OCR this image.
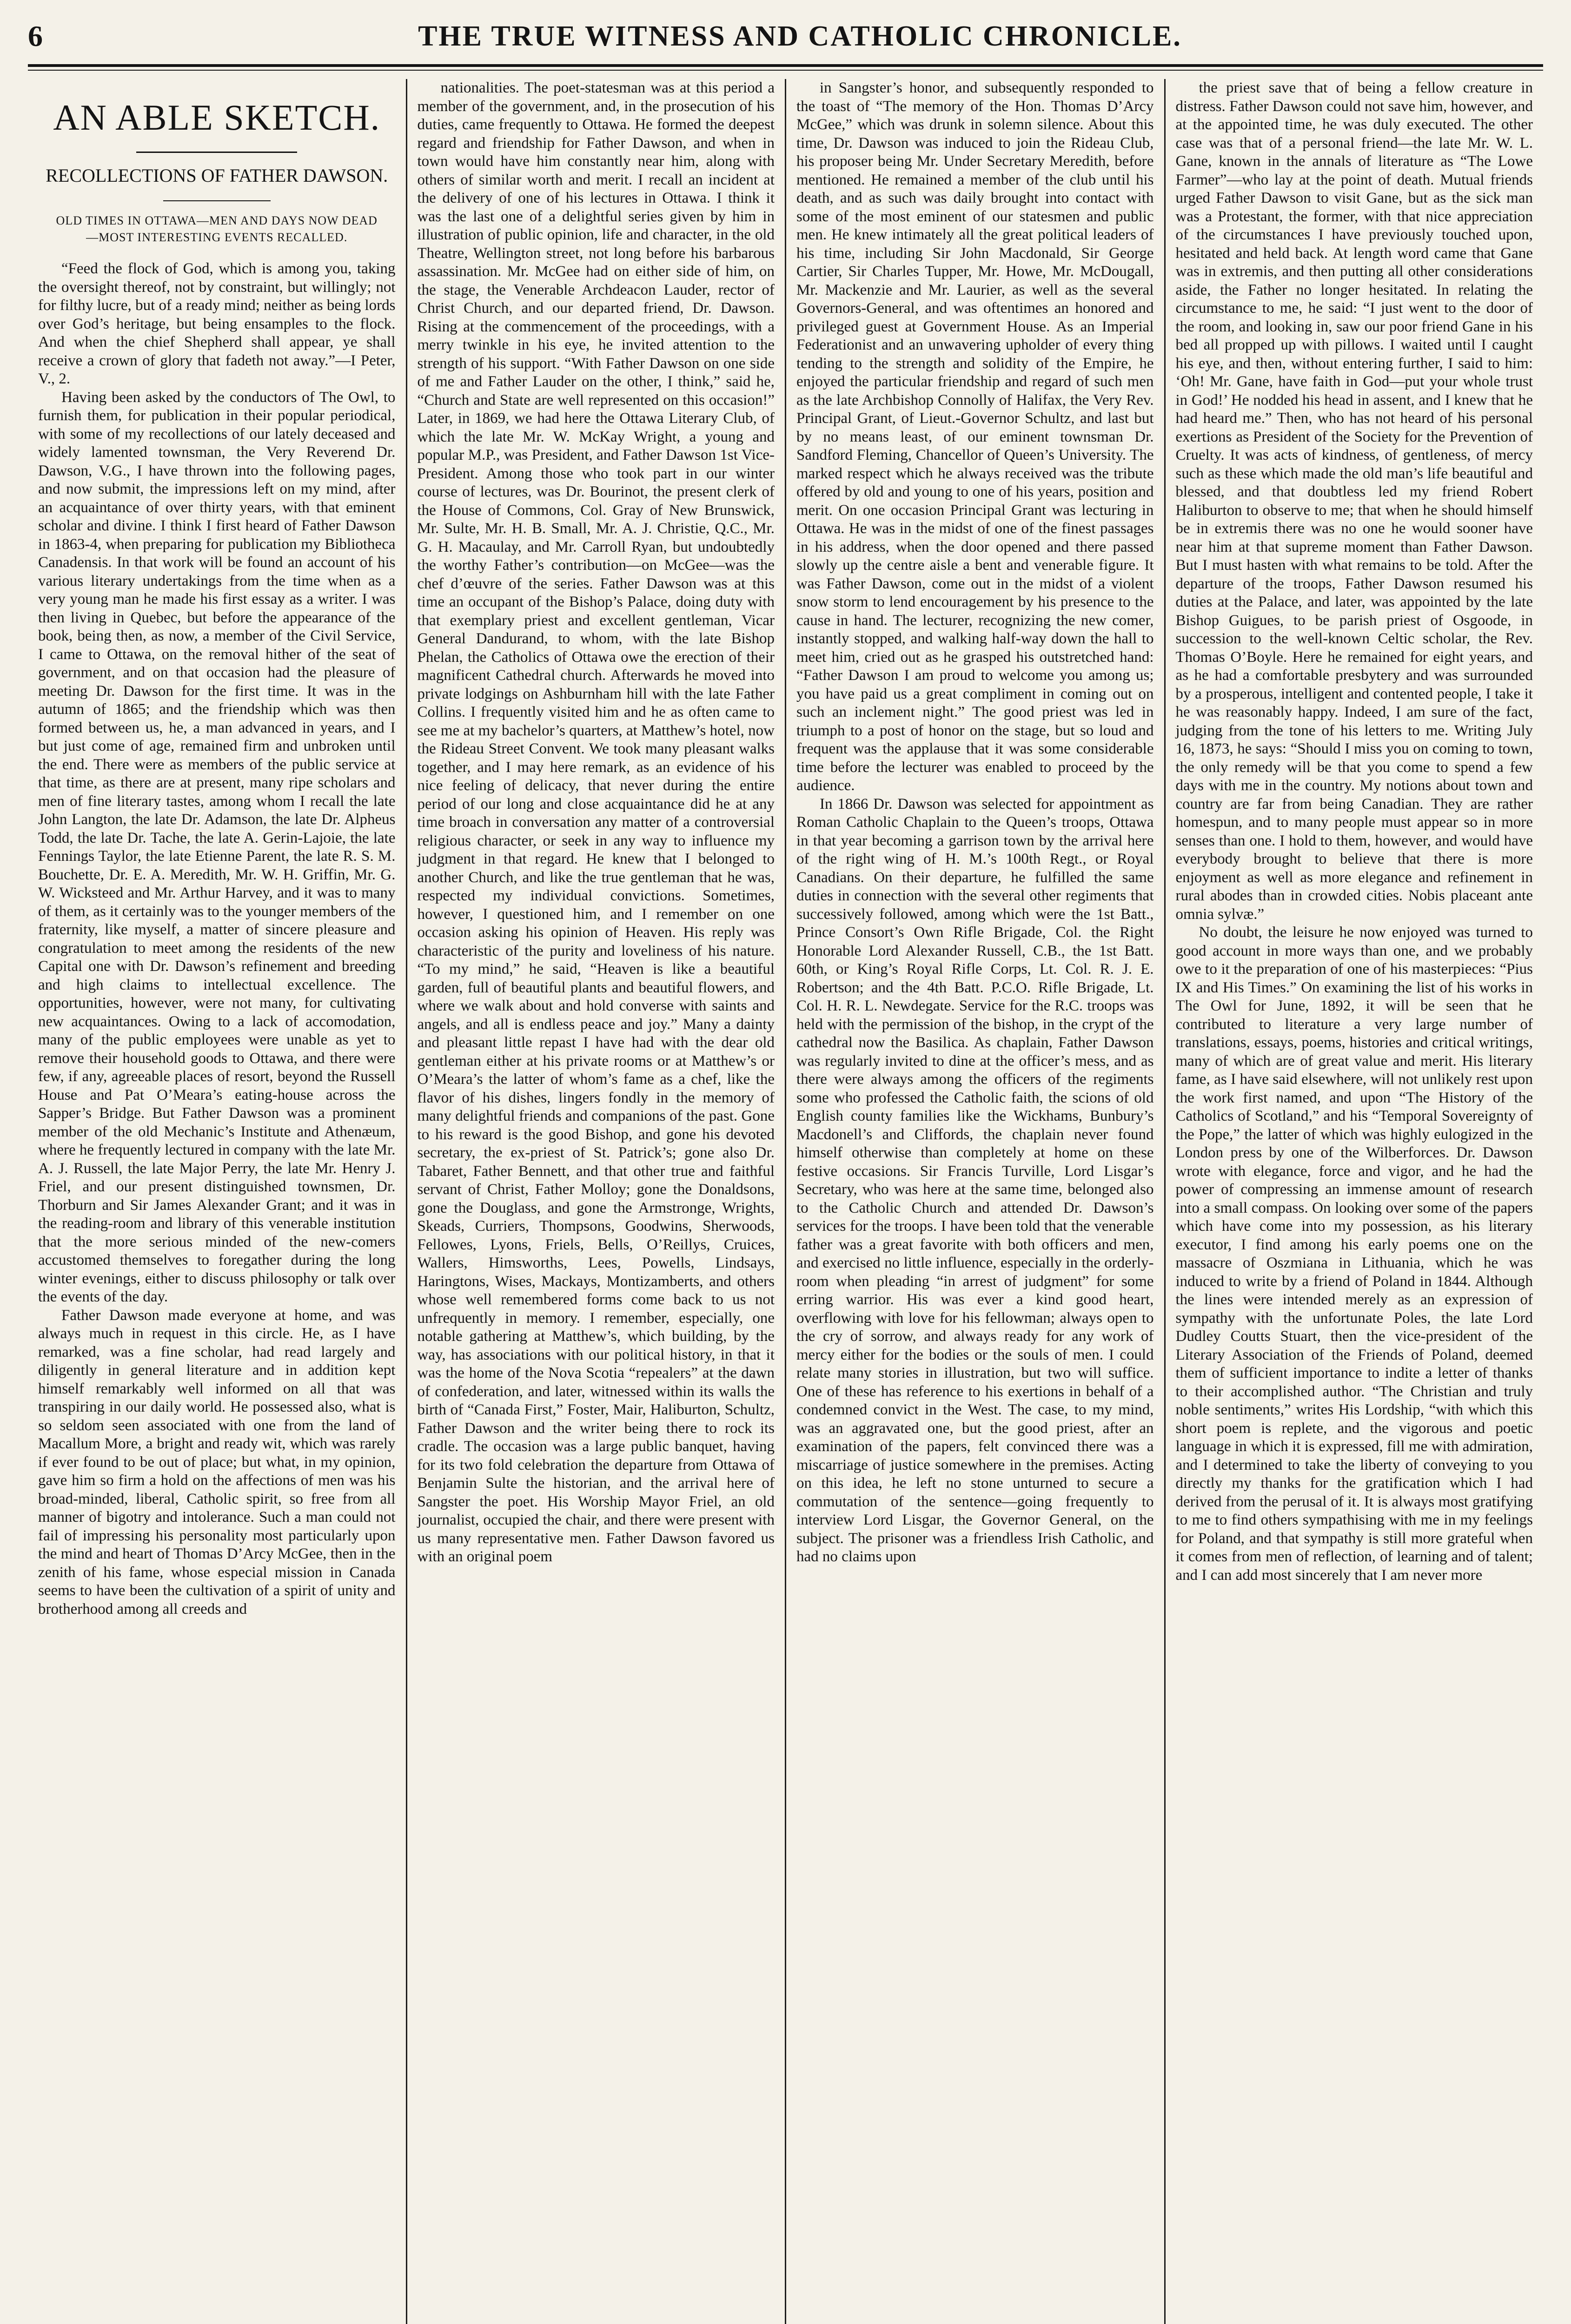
6	THE TRUE WITNESS AND CATHOLIC CHRONICLE.
AN ABLE SKETCH.
RECOLLECTIONS OF FATHER DAWSON.
OLD TIMES IN OTTAWA—MEN AND DAYS NOW DEAD—MOST INTERESTING EVENTS RECALLED.

“Feed the flock of God, which is among you, taking the oversight thereof, not by constraint, but willingly; not for filthy lucre, but of a ready mind; neither as being lords over God’s heritage, but being ensamples to the flock. And when the chief Shepherd shall appear, ye shall receive a crown of glory that fadeth not away.”—I Peter, V., 2.

Having been asked by the conductors of The Owl, to furnish them, for publication in their popular periodical, with some of my recollections of our lately deceased and widely lamented townsman, the Very Reverend Dr. Dawson, V.G., I have thrown into the following pages, and now submit, the impressions left on my mind, after an acquaintance of over thirty years, with that eminent scholar and divine. I think I first heard of Father Dawson in 1863-4, when preparing for publication my Bibliotheca Canadensis. In that work will be found an account of his various literary undertakings from the time when as a very young man he made his first essay as a writer. I was then living in Quebec, but before the appearance of the book, being then, as now, a member of the Civil Service, I came to Ottawa, on the removal hither of the seat of government, and on that occasion had the pleasure of meeting Dr. Dawson for the first time. It was in the autumn of 1865; and the friendship which was then formed between us, he, a man advanced in years, and I but just come of age, remained firm and unbroken until the end. There were as members of the public service at that time, as there are at present, many ripe scholars and men of fine literary tastes, among whom I recall the late John Langton, the late Dr. Adamson, the late Dr. Alpheus Todd, the late Dr. Tache, the late A. Gerin-Lajoie, the late Fennings Taylor, the late Etienne Parent, the late R. S. M. Bouchette, Dr. E. A. Meredith, Mr. W. H. Griffin, Mr. G. W. Wicksteed and Mr. Arthur Harvey, and it was to many of them, as it certainly was to the younger members of the fraternity, like myself, a matter of sincere pleasure and congratulation to meet among the residents of the new Capital one with Dr. Dawson’s refinement and breeding and high claims to intellectual excellence. The opportunities, however, were not many, for cultivating new acquaintances. Owing to a lack of accomodation, many of the public employees were unable as yet to remove their household goods to Ottawa, and there were few, if any, agreeable places of resort, beyond the Russell House and Pat O’Meara’s eating-house across the Sapper’s Bridge. But Father Dawson was a prominent member of the old Mechanic’s Institute and Athenæum, where he frequently lectured in company with the late Mr. A. J. Russell, the late Major Perry, the late Mr. Henry J. Friel, and our present distinguished townsmen, Dr. Thorburn and Sir James Alexander Grant; and it was in the reading-room and library of this venerable institution that the more serious minded of the new-comers accustomed themselves to foregather during the long winter evenings, either to discuss philosophy or talk over the events of the day.

Father Dawson made everyone at home, and was always much in request in this circle. He, as I have remarked, was a fine scholar, had read largely and diligently in general literature and in addition kept himself remarkably well informed on all that was transpiring in our daily world. He possessed also, what is so seldom seen associated with one from the land of Macallum More, a bright and ready wit, which was rarely if ever found to be out of place; but what, in my opinion, gave him so firm a hold on the affections of men was his broad-minded, liberal, Catholic spirit, so free from all manner of bigotry and intolerance. Such a man could not fail of impressing his personality most particularly upon the mind and heart of Thomas D’Arcy McGee, then in the zenith of his fame, whose especial mission in Canada seems to have been the cultivation of a spirit of unity and brotherhood among all creeds and

nationalities. The poet-statesman was at this period a member of the government, and, in the prosecution of his duties, came frequently to Ottawa. He formed the deepest regard and friendship for Father Dawson, and when in town would have him constantly near him, along with others of similar worth and merit. I recall an incident at the delivery of one of his lectures in Ottawa. I think it was the last one of a delightful series given by him in illustration of public opinion, life and character, in the old Theatre, Wellington street, not long before his barbarous assassination. Mr. McGee had on either side of him, on the stage, the Venerable Archdeacon Lauder, rector of Christ Church, and our departed friend, Dr. Dawson. Rising at the commencement of the proceedings, with a merry twinkle in his eye, he invited attention to the strength of his support. “With Father Dawson on one side of me and Father Lauder on the other, I think,” said he, “Church and State are well represented on this occasion!” Later, in 1869, we had here the Ottawa Literary Club, of which the late Mr. W. McKay Wright, a young and popular M.P., was President, and Father Dawson 1st Vice-President. Among those who took part in our winter course of lectures, was Dr. Bourinot, the present clerk of the House of Commons, Col. Gray of New Brunswick, Mr. Sulte, Mr. H. B. Small, Mr. A. J. Christie, Q.C., Mr. G. H. Macaulay, and Mr. Carroll Ryan, but undoubtedly the worthy Father’s contribution—on McGee—was the chef d’œuvre of the series. Father Dawson was at this time an occupant of the Bishop’s Palace, doing duty with that exemplary priest and excellent gentleman, Vicar General Dandurand, to whom, with the late Bishop Phelan, the Catholics of Ottawa owe the erection of their magnificent Cathedral church. Afterwards he moved into private lodgings on Ashburnham hill with the late Father Collins. I frequently visited him and he as often came to see me at my bachelor’s quarters, at Matthew’s hotel, now the Rideau Street Convent. We took many pleasant walks together, and I may here remark, as an evidence of his nice feeling of delicacy, that never during the entire period of our long and close acquaintance did he at any time broach in conversation any matter of a controversial religious character, or seek in any way to influence my judgment in that regard. He knew that I belonged to another Church, and like the true gentleman that he was, respected my individual convictions. Sometimes, however, I questioned him, and I remember on one occasion asking his opinion of Heaven. His reply was characteristic of the purity and loveliness of his nature. “To my mind,” he said, “Heaven is like a beautiful garden, full of beautiful plants and beautiful flowers, and where we walk about and hold converse with saints and angels, and all is endless peace and joy.” Many a dainty and pleasant little repast I have had with the dear old gentleman either at his private rooms or at Matthew’s or O’Meara’s the latter of whom’s fame as a chef, like the flavor of his dishes, lingers fondly in the memory of many delightful friends and companions of the past. Gone to his reward is the good Bishop, and gone his devoted secretary, the ex-priest of St. Patrick’s; gone also Dr. Tabaret, Father Bennett, and that other true and faithful servant of Christ, Father Molloy; gone the Donaldsons, gone the Douglass, and gone the Armstronge, Wrights, Skeads, Curriers, Thompsons, Goodwins, Sherwoods, Fellowes, Lyons, Friels, Bells, O’Reillys, Cruices, Wallers, Himsworths, Lees, Powells, Lindsays, Haringtons, Wises, Mackays, Montizamberts, and others whose well remembered forms come back to us not unfrequently in memory. I remember, especially, one notable gathering at Matthew’s, which building, by the way, has associations with our political history, in that it was the home of the Nova Scotia “repealers” at the dawn of confederation, and later, witnessed within its walls the birth of “Canada First,” Foster, Mair, Haliburton, Schultz, Father Dawson and the writer being there to rock its cradle. The occasion was a large public banquet, having for its two fold celebration the departure from Ottawa of Benjamin Sulte the historian, and the arrival here of Sangster the poet. His Worship Mayor Friel, an old journalist, occupied the chair, and there were present with us many representative men. Father Dawson favored us with an original poem

in Sangster’s honor, and subsequently responded to the toast of “The memory of the Hon. Thomas D’Arcy McGee,” which was drunk in solemn silence. About this time, Dr. Dawson was induced to join the Rideau Club, his proposer being Mr. Under Secretary Meredith, before mentioned. He remained a member of the club until his death, and as such was daily brought into contact with some of the most eminent of our statesmen and public men. He knew intimately all the great political leaders of his time, including Sir John Macdonald, Sir George Cartier, Sir Charles Tupper, Mr. Howe, Mr. McDougall, Mr. Mackenzie and Mr. Laurier, as well as the several Governors-General, and was oftentimes an honored and privileged guest at Government House. As an Imperial Federationist and an unwavering upholder of every thing tending to the strength and solidity of the Empire, he enjoyed the particular friendship and regard of such men as the late Archbishop Connolly of Halifax, the Very Rev. Principal Grant, of Lieut.-Governor Schultz, and last but by no means least, of our eminent townsman Dr. Sandford Fleming, Chancellor of Queen’s University. The marked respect which he always received was the tribute offered by old and young to one of his years, position and merit. On one occasion Principal Grant was lecturing in Ottawa. He was in the midst of one of the finest passages in his address, when the door opened and there passed slowly up the centre aisle a bent and venerable figure. It was Father Dawson, come out in the midst of a violent snow storm to lend encouragement by his presence to the cause in hand. The lecturer, recognizing the new comer, instantly stopped, and walking half-way down the hall to meet him, cried out as he grasped his outstretched hand: “Father Dawson I am proud to welcome you among us; you have paid us a great compliment in coming out on such an inclement night.” The good priest was led in triumph to a post of honor on the stage, but so loud and frequent was the applause that it was some considerable time before the lecturer was enabled to proceed by the audience.

In 1866 Dr. Dawson was selected for appointment as Roman Catholic Chaplain to the Queen’s troops, Ottawa in that year becoming a garrison town by the arrival here of the right wing of H. M.’s 100th Regt., or Royal Canadians. On their departure, he fulfilled the same duties in connection with the several other regiments that successively followed, among which were the 1st Batt., Prince Consort’s Own Rifle Brigade, Col. the Right Honorable Lord Alexander Russell, C.B., the 1st Batt. 60th, or King’s Royal Rifle Corps, Lt. Col. R. J. E. Robertson; and the 4th Batt. P.C.O. Rifle Brigade, Lt. Col. H. R. L. Newdegate. Service for the R.C. troops was held with the permission of the bishop, in the crypt of the cathedral now the Basilica. As chaplain, Father Dawson was regularly invited to dine at the officer’s mess, and as there were always among the officers of the regiments some who professed the Catholic faith, the scions of old English county families like the Wickhams, Bunbury’s Macdonell’s and Cliffords, the chaplain never found himself otherwise than completely at home on these festive occasions. Sir Francis Turville, Lord Lisgar’s Secretary, who was here at the same time, belonged also to the Catholic Church and attended Dr. Dawson’s services for the troops. I have been told that the venerable father was a great favorite with both officers and men, and exercised no little influence, especially in the orderly-room when pleading “in arrest of judgment” for some erring warrior. His was ever a kind good heart, overflowing with love for his fellowman; always open to the cry of sorrow, and always ready for any work of mercy either for the bodies or the souls of men. I could relate many stories in illustration, but two will suffice. One of these has reference to his exertions in behalf of a condemned convict in the West. The case, to my mind, was an aggravated one, but the good priest, after an examination of the papers, felt convinced there was a miscarriage of justice somewhere in the premises. Acting on this idea, he left no stone unturned to secure a commutation of the sentence—going frequently to interview Lord Lisgar, the Governor General, on the subject. The prisoner was a friendless Irish Catholic, and had no claims upon

the priest save that of being a fellow creature in distress. Father Dawson could not save him, however, and at the appointed time, he was duly executed. The other case was that of a personal friend—the late Mr. W. L. Gane, known in the annals of literature as “The Lowe Farmer”—who lay at the point of death. Mutual friends urged Father Dawson to visit Gane, but as the sick man was a Protestant, the former, with that nice appreciation of the circumstances I have previously touched upon, hesitated and held back. At length word came that Gane was in extremis, and then putting all other considerations aside, the Father no longer hesitated. In relating the circumstance to me, he said: “I just went to the door of the room, and looking in, saw our poor friend Gane in his bed all propped up with pillows. I waited until I caught his eye, and then, without entering further, I said to him: ‘Oh! Mr. Gane, have faith in God—put your whole trust in God!’ He nodded his head in assent, and I knew that he had heard me.” Then, who has not heard of his personal exertions as President of the Society for the Prevention of Cruelty. It was acts of kindness, of gentleness, of mercy such as these which made the old man’s life beautiful and blessed, and that doubtless led my friend Robert Haliburton to observe to me; that when he should himself be in extremis there was no one he would sooner have near him at that supreme moment than Father Dawson. But I must hasten with what remains to be told. After the departure of the troops, Father Dawson resumed his duties at the Palace, and later, was appointed by the late Bishop Guigues, to be parish priest of Osgoode, in succession to the well-known Celtic scholar, the Rev. Thomas O’Boyle. Here he remained for eight years, and as he had a comfortable presbytery and was surrounded by a prosperous, intelligent and contented people, I take it he was reasonably happy. Indeed, I am sure of the fact, judging from the tone of his letters to me. Writing July 16, 1873, he says: “Should I miss you on coming to town, the only remedy will be that you come to spend a few days with me in the country. My notions about town and country are far from being Canadian. They are rather homespun, and to many people must appear so in more senses than one. I hold to them, however, and would have everybody brought to believe that there is more enjoyment as well as more elegance and refinement in rural abodes than in crowded cities. Nobis placeant ante omnia sylvæ.”

No doubt, the leisure he now enjoyed was turned to good account in more ways than one, and we probably owe to it the preparation of one of his masterpieces: “Pius IX and His Times.” On examining the list of his works in The Owl for June, 1892, it will be seen that he contributed to literature a very large number of translations, essays, poems, histories and critical writings, many of which are of great value and merit. His literary fame, as I have said elsewhere, will not unlikely rest upon the work first named, and upon “The History of the Catholics of Scotland,” and his “Temporal Sovereignty of the Pope,” the latter of which was highly eulogized in the London press by one of the Wilberforces. Dr. Dawson wrote with elegance, force and vigor, and he had the power of compressing an immense amount of research into a small compass. On looking over some of the papers which have come into my possession, as his literary executor, I find among his early poems one on the massacre of Oszmiana in Lithuania, which he was induced to write by a friend of Poland in 1844. Although the lines were intended merely as an expression of sympathy with the unfortunate Poles, the late Lord Dudley Coutts Stuart, then the vice-president of the Literary Association of the Friends of Poland, deemed them of sufficient importance to indite a letter of thanks to their accomplished author. “The Christian and truly noble sentiments,” writes His Lordship, “with which this short poem is replete, and the vigorous and poetic language in which it is expressed, fill me with admiration, and I determined to take the liberty of conveying to you directly my thanks for the gratification which I had derived from the perusal of it. It is always most gratifying to me to find others sympathising with me in my feelings for Poland, and that sympathy is still more grateful when it comes from men of reflection, of learning and of talent; and I can add most sincerely that I am never more
